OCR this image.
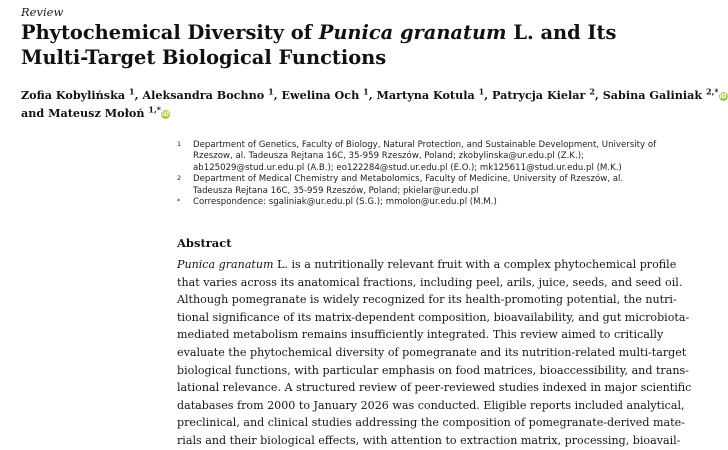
Review
Phytochemical Diversity of Punica granatum L. and Its
Multi-Target Biological Functions
Zofia Kobylińska $^1$, Aleksandra Bochno $^1$, Ewelina Och $^1$, Martyna Kotula $^1$, Patrycja Kielar $^2$, Sabina Galiniak $^{2,*}$iD
and Mateusz Mołoń $^{1,*}$iD
1 Department of Genetics, Faculty of Biology, Natural Protection, and Sustainable Development, University of
Rzeszow, al. Tadeusza Rejtana 16C, 35-959 Rzeszów, Poland; zkobylinska@ur.edu.pl (Z.K.);
ab125029@stud.ur.edu.pl (A.B.); eo122284@stud.ur.edu.pl (E.O.); mk125611@stud.ur.edu.pl (M.K.)
2 Department of Medical Chemistry and Metabolomics, Faculty of Medicine, University of Rzeszów, al.
Tadeusza Rejtana 16C, 35-959 Rzeszów, Poland; pkielar@ur.edu.pl
* Correspondence: sgaliniak@ur.edu.pl (S.G.); mmolon@ur.edu.pl (M.M.)
Abstract
Punica granatum L. is a nutritionally relevant fruit with a complex phytochemical profile
that varies across its anatomical fractions, including peel, arils, juice, seeds, and seed oil.
Although pomegranate is widely recognized for its health-promoting potential, the nutri-
tional significance of its matrix-dependent composition, bioavailability, and gut microbiota-
mediated metabolism remains insufficiently integrated. This review aimed to critically
evaluate the phytochemical diversity of pomegranate and its nutrition-related multi-target
biological functions, with particular emphasis on food matrices, bioaccessibility, and trans-
lational relevance. A structured review of peer-reviewed studies indexed in major scientific
databases from 2000 to January 2026 was conducted. Eligible reports included analytical,
preclinical, and clinical studies addressing the composition of pomegranate-derived mate-
rials and their biological effects, with attention to extraction matrix, processing, bioavail-
